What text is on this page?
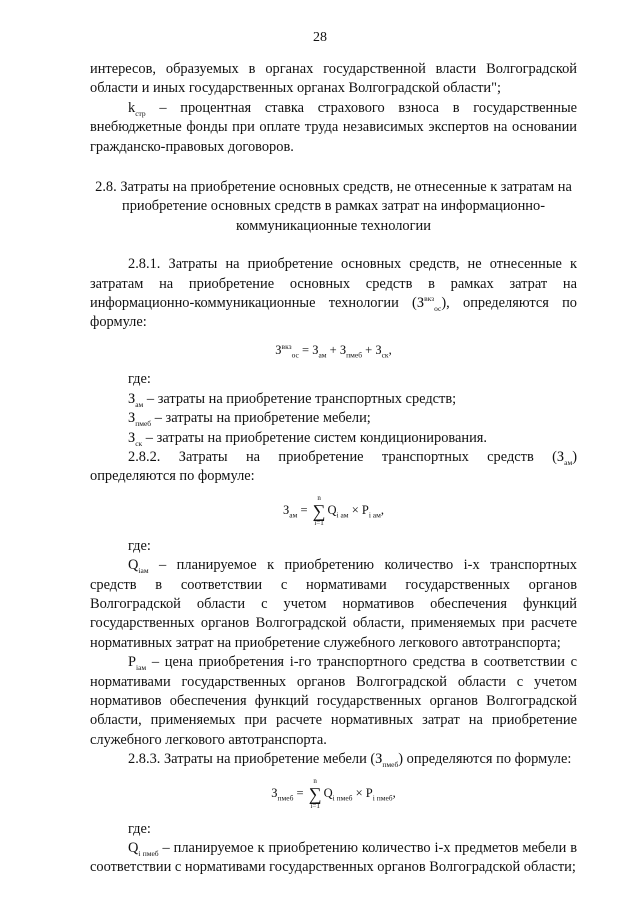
28

интересов, образуемых в органах государственной власти Волгоградской области и иных государственных органах Волгоградской области";

$k_{стр}$ – процентная ставка страхового взноса в государственные внебюджетные фонды при оплате труда независимых экспертов на основании гражданско-правовых договоров.

2.8. Затраты на приобретение основных средств, не отнесенные к затратам на приобретение основных средств в рамках затрат на информационно-коммуникационные технологии

2.8.1. Затраты на приобретение основных средств, не отнесенные к затратам на приобретение основных средств в рамках затрат на информационно-коммуникационные технологии $(З^{вкз}_{ос})$, определяются по формуле:

$З^{вкз}_{ос} = З_{ам} + З_{пмеб} + З_{ск}$,

где:

$З_{ам}$ – затраты на приобретение транспортных средств;

$З_{пмеб}$ – затраты на приобретение мебели;

$З_{ск}$ – затраты на приобретение систем кондиционирования.

2.8.2. Затраты на приобретение транспортных средств $(З_{ам})$ определяются по формуле:

$З_{ам}$ =
n
∑
i=1
$Q_{i ам} \times P_{i ам}$,

где:

$Q_{iам}$ – планируемое к приобретению количество i-х транспортных средств в соответствии с нормативами государственных органов Волгоградской области с учетом нормативов обеспечения функций государственных органов Волгоградской области, применяемых при расчете нормативных затрат на приобретение служебного легкового автотранспорта;

$P_{iам}$ – цена приобретения i-го транспортного средства в соответствии с нормативами государственных органов Волгоградской области с учетом нормативов обеспечения функций государственных органов Волгоградской области, применяемых при расчете нормативных затрат на приобретение служебного легкового автотранспорта.

2.8.3. Затраты на приобретение мебели $(З_{пмеб})$ определяются по формуле:

$З_{пмеб}$ =
n
∑
i=1
$Q_{i пмеб} \times P_{i пмеб}$,

где:

$Q_{i пмеб}$ – планируемое к приобретению количество i-х предметов мебели в соответствии с нормативами государственных органов Волгоградской области;
